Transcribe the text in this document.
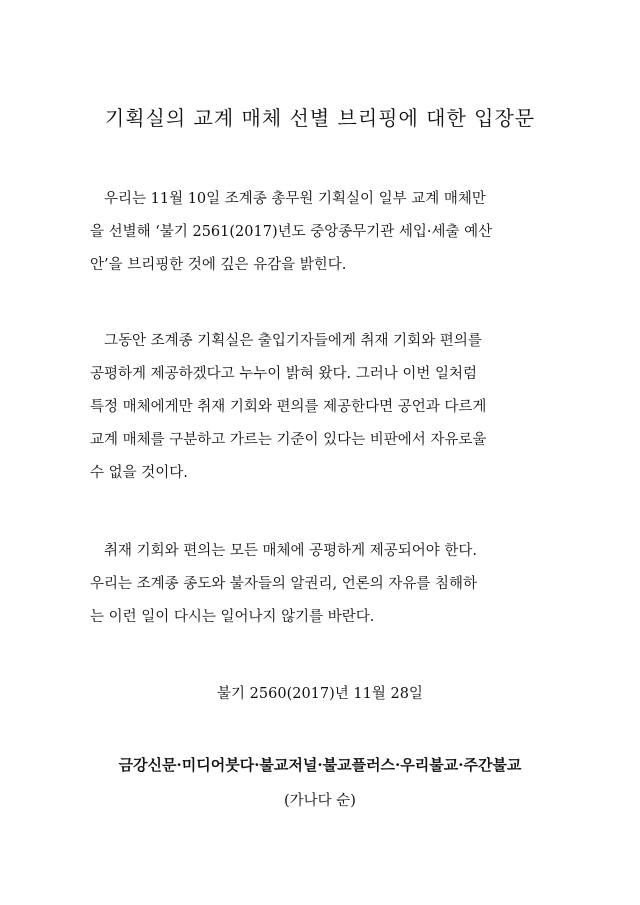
기획실의 교계 매체 선별 브리핑에 대한 입장문
우리는 11월 10일 조계종 총무원 기획실이 일부 교계 매체만
을 선별해 ‘불기 2561(2017)년도 중앙종무기관 세입·세출 예산
안’을 브리핑한 것에 깊은 유감을 밝힌다.
그동안 조계종 기획실은 출입기자들에게 취재 기회와 편의를
공평하게 제공하겠다고 누누이 밝혀 왔다. 그러나 이번 일처럼
특정 매체에게만 취재 기회와 편의를 제공한다면 공언과 다르게
교계 매체를 구분하고 가르는 기준이 있다는 비판에서 자유로울
수 없을 것이다.
취재 기회와 편의는 모든 매체에 공평하게 제공되어야 한다.
우리는 조계종 종도와 불자들의 알권리, 언론의 자유를 침해하
는 이런 일이 다시는 일어나지 않기를 바란다.
불기 2560(2017)년 11월 28일
금강신문·미디어붓다·불교저널·불교플러스·우리불교·주간불교
(가나다 순)
